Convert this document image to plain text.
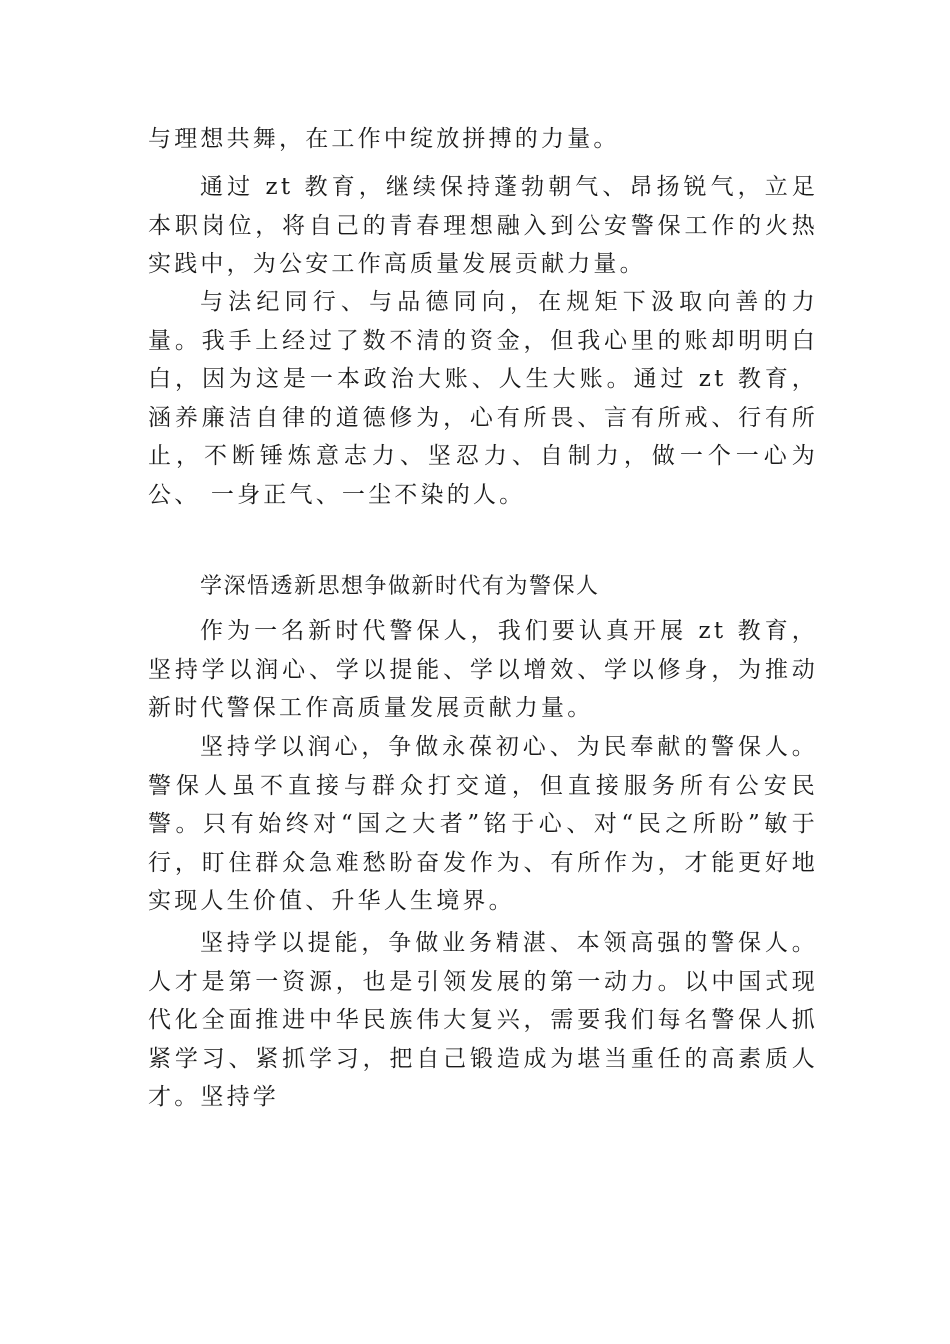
与理想共舞，在工作中绽放拼搏的力量。

通过 zt 教育，继续保持蓬勃朝气、昂扬锐气，立足本职岗位，将自己的青春理想融入到公安警保工作的火热实践中，为公安工作高质量发展贡献力量。

与法纪同行、与品德同向，在规矩下汲取向善的力量。我手上经过了数不清的资金，但我心里的账却明明白白，因为这是一本政治大账、人生大账。通过 zt 教育，涵养廉洁自律的道德修为，心有所畏、言有所戒、行有所止，不断锤炼意志力、坚忍力、自制力，做一个一心为公、 一身正气、一尘不染的人。

学深悟透新思想争做新时代有为警保人

作为一名新时代警保人，我们要认真开展 zt 教育，坚持学以润心、学以提能、学以增效、学以修身，为推动新时代警保工作高质量发展贡献力量。

坚持学以润心，争做永葆初心、为民奉献的警保人。警保人虽不直接与群众打交道，但直接服务所有公安民警。只有始终对“国之大者”铭于心、对“民之所盼”敏于行，盯住群众急难愁盼奋发作为、有所作为，才能更好地实现人生价值、升华人生境界。

坚持学以提能，争做业务精湛、本领高强的警保人。人才是第一资源，也是引领发展的第一动力。以中国式现代化全面推进中华民族伟大复兴，需要我们每名警保人抓紧学习、紧抓学习，把自己锻造成为堪当重任的高素质人才。坚持学
